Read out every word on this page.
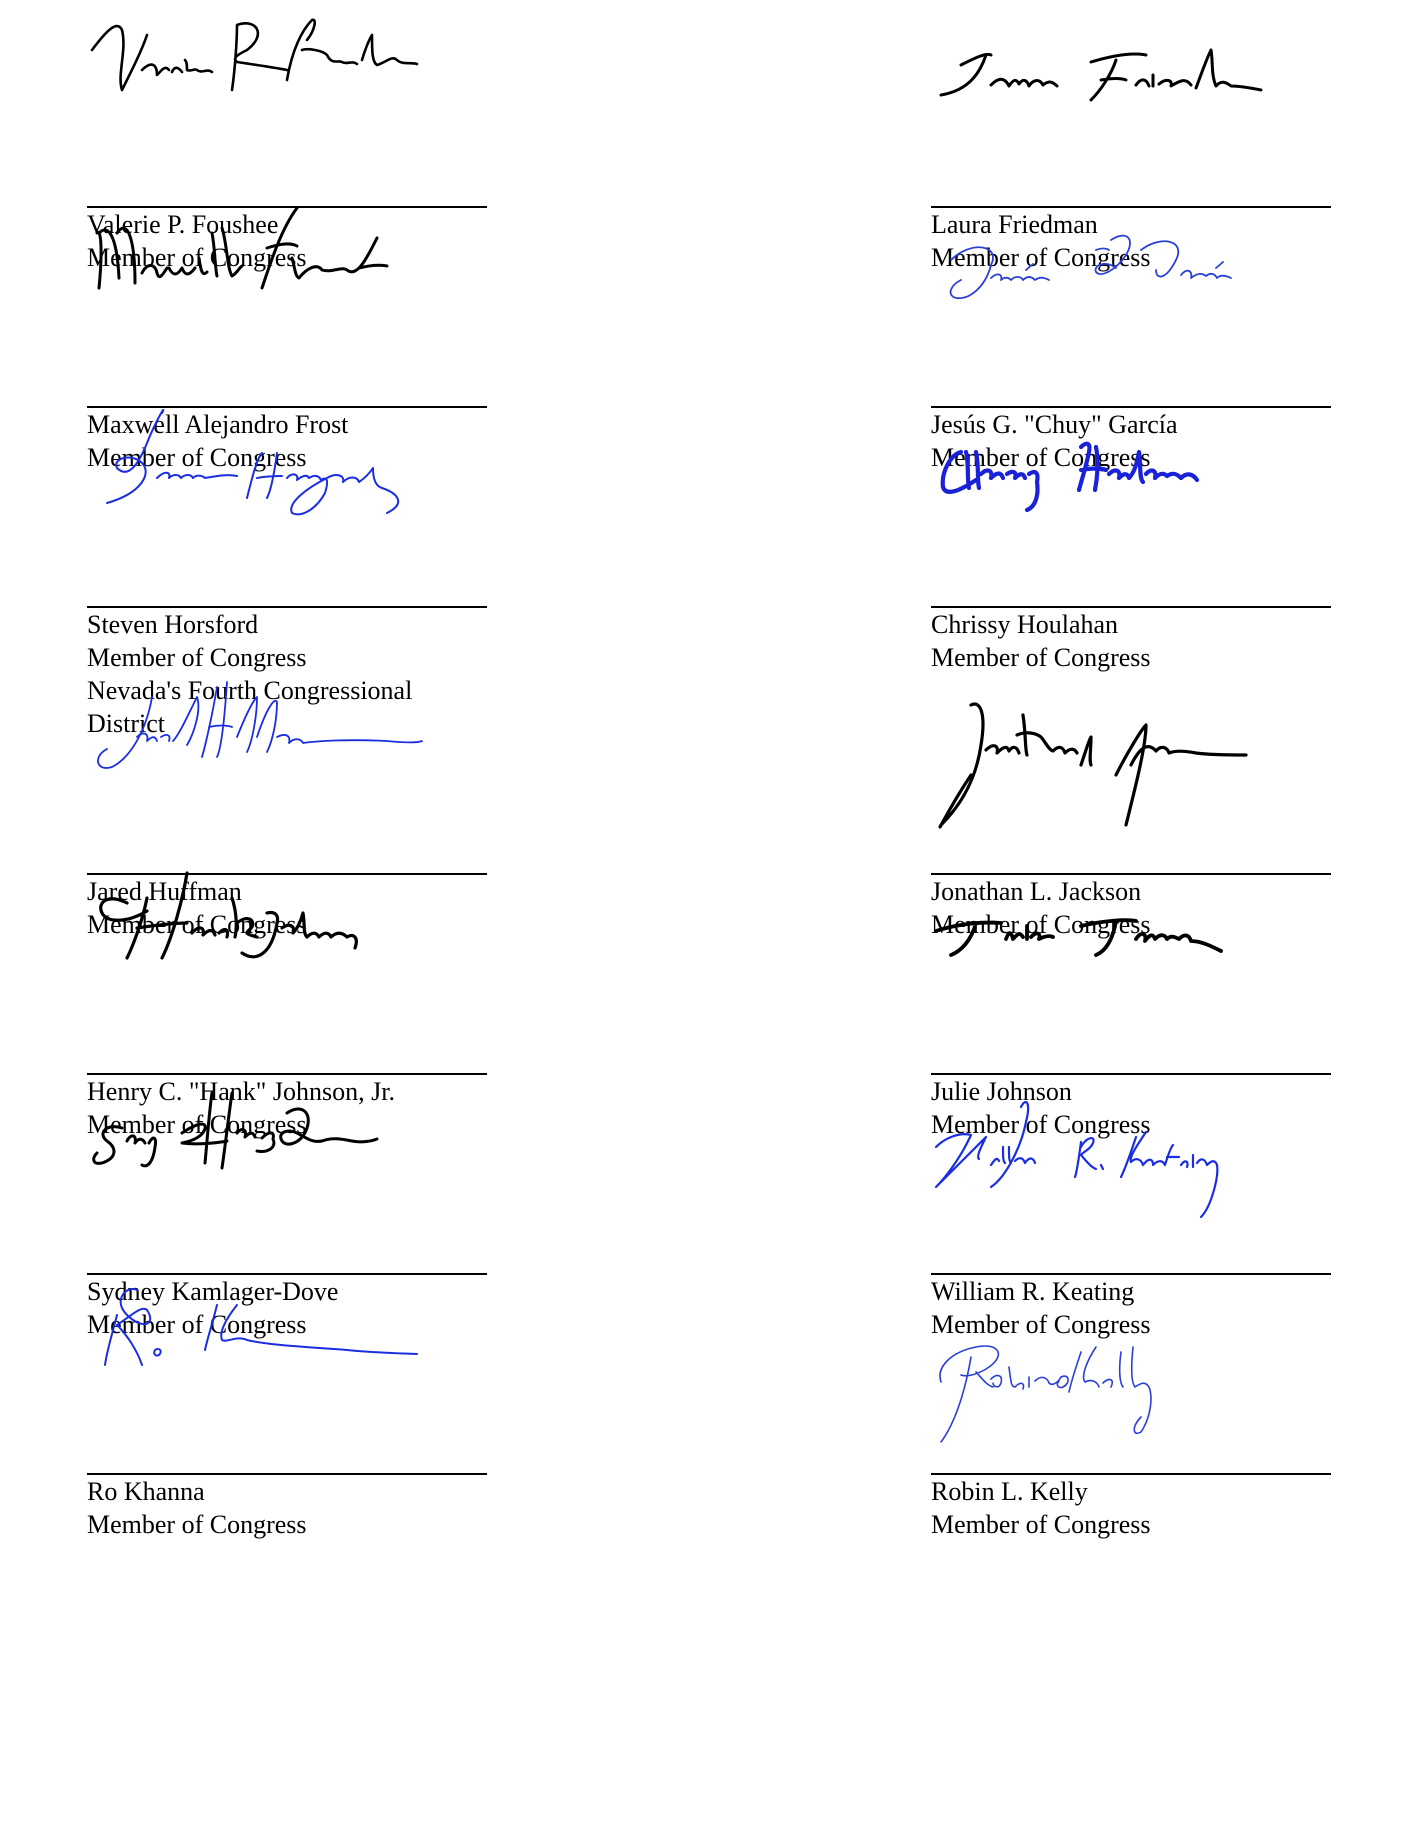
Valerie P. Foushee
Member of Congress
Laura Friedman
Member of Congress
Maxwell Alejandro Frost
Member of Congress
Jesús G. "Chuy" García
Member of Congress
Steven Horsford
Member of Congress
Nevada's Fourth Congressional District
Chrissy Houlahan
Member of Congress
Jared Huffman
Member of Congress
Jonathan L. Jackson
Member of Congress
Henry C. "Hank" Johnson, Jr.
Member of Congress
Julie Johnson
Member of Congress
Sydney Kamlager-Dove
Member of Congress
William R. Keating
Member of Congress
Ro Khanna
Member of Congress
Robin L. Kelly
Member of Congress
